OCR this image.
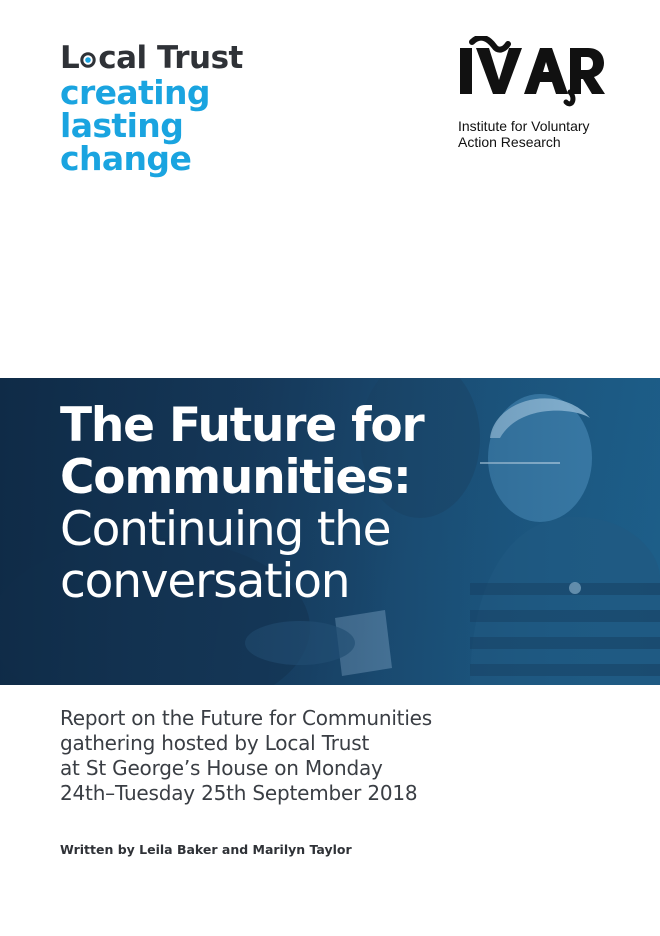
L cal Trust
creating
lasting
change
Institute for Voluntary
Action Research
The Future for
Communities:
Continuing the
conversation
Report on the Future for Communities
gathering hosted by Local Trust
at St George’s House on Monday
24th–Tuesday 25th September 2018
Written by Leila Baker and Marilyn Taylor
